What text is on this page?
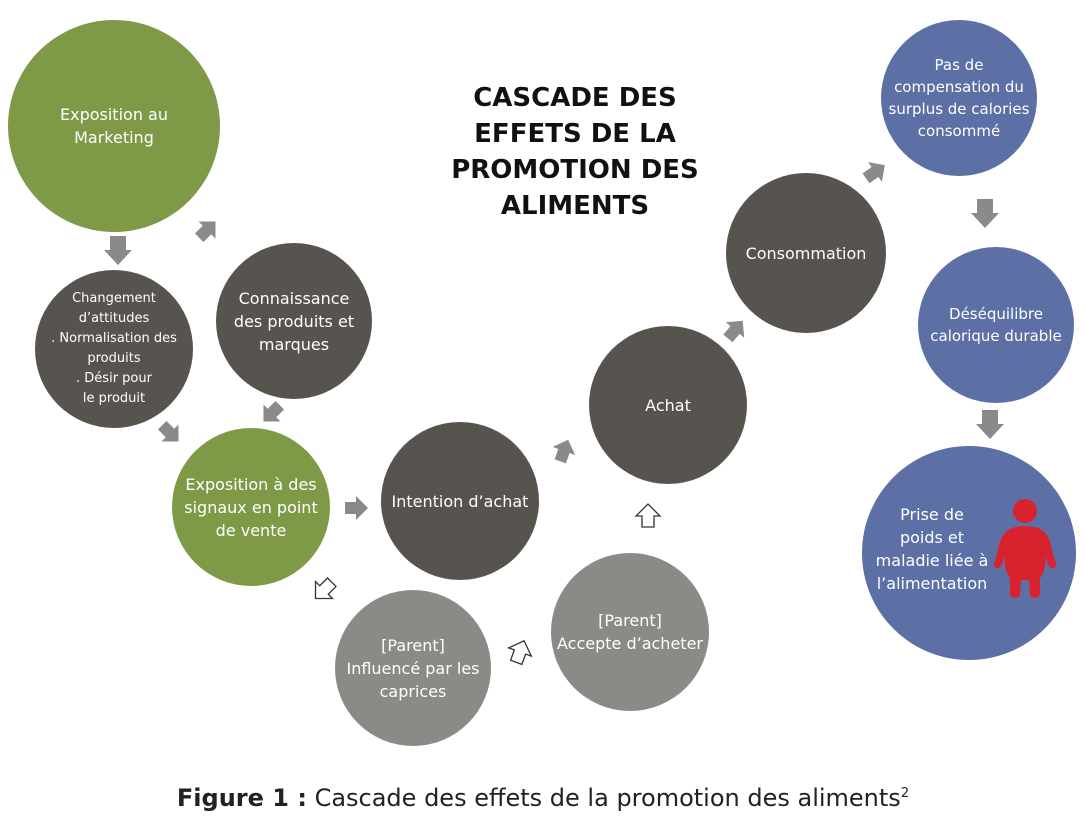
CASCADE DES
EFFETS DE LA
PROMOTION DES
ALIMENTS
Exposition au
Marketing
Changement
d’attitudes
. Normalisation des
produits
. Désir pour
le produit
Connaissance
des produits et
marques
Exposition à des
signaux en point
de vente
Intention d’achat
[Parent]
Influencé par les
caprices
[Parent]
Accepte d’acheter
Achat
Consommation
Pas de
compensation du
surplus de calories
consommé
Déséquilibre
calorique durable
Prise de
poids et
maladie liée à
l’alimentation
Figure 1 : Cascade des effets de la promotion des aliments$^2$
